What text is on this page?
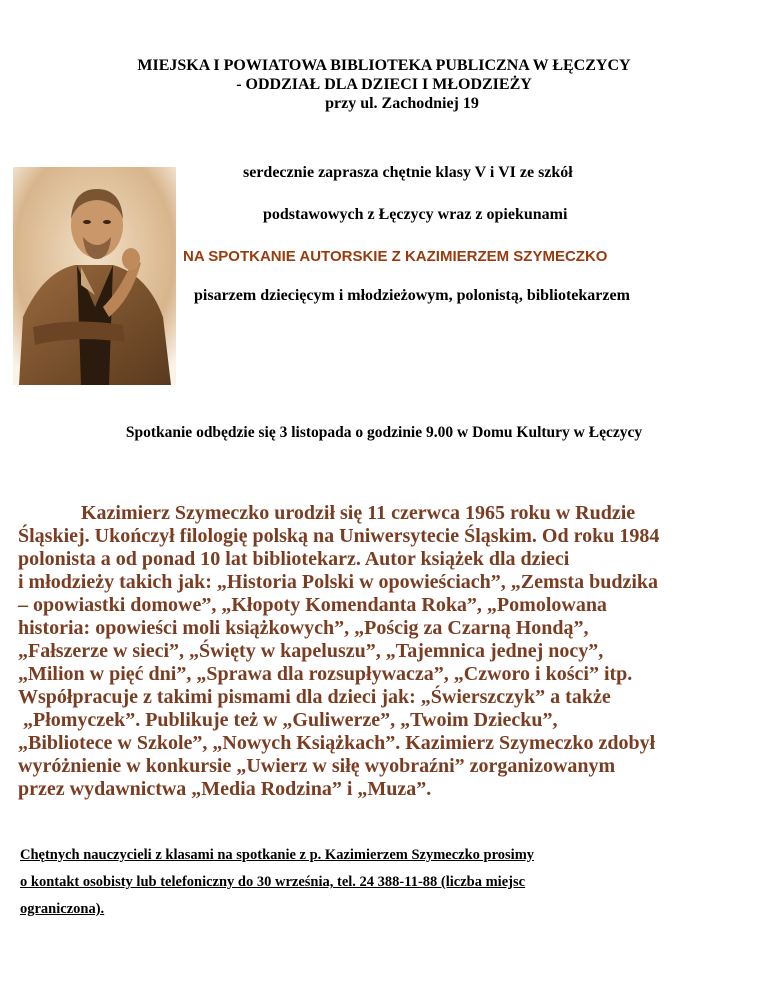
MIEJSKA I POWIATOWA BIBLIOTEKA PUBLICZNA W ŁĘCZYCY
- ODDZIAŁ DLA DZIECI I MŁODZIEŻY
przy ul. Zachodniej 19
serdecznie zaprasza chętnie klasy V i VI ze szkół
podstawowych z Łęczycy wraz z opiekunami
NA SPOTKANIE AUTORSKIE Z KAZIMIERZEM SZYMECZKO
pisarzem dziecięcym i młodzieżowym, polonistą, bibliotekarzem
Spotkanie odbędzie się 3 listopada o godzinie 9.00 w Domu Kultury w Łęczycy

Kazimierz Szymeczko urodził się 11 czerwca 1965 roku w Rudzie

Śląskiej. Ukończył filologię polską na Uniwersytecie Śląskim. Od roku 1984

polonista a od ponad 10 lat bibliotekarz. Autor książek dla dzieci

i młodzieży takich jak: „Historia Polski w opowieściach”, „Zemsta budzika

– opowiastki domowe”, „Kłopoty Komendanta Roka”, „Pomolowana

historia: opowieści moli książkowych”, „Pościg za Czarną Hondą”,

„Fałszerze w sieci”, „Święty w kapeluszu”, „Tajemnica jednej nocy”,

„Milion w pięć dni”, „Sprawa dla rozsupływacza”, „Czworo i kości” itp.

Współpracuje z takimi pismami dla dzieci jak: „Świerszczyk” a także

„Płomyczek”. Publikuje też w „Guliwerze”, „Twoim Dziecku”,

„Bibliotece w Szkole”, „Nowych Książkach”. Kazimierz Szymeczko zdobył

wyróżnienie w konkursie „Uwierz w siłę wyobraźni” zorganizowanym

przez wydawnictwa „Media Rodzina” i „Muza”.

Chętnych nauczycieli z klasami na spotkanie z p. Kazimierzem Szymeczko prosimy

o kontakt osobisty lub telefoniczny do 30 września, tel. 24 388-11-88 (liczba miejsc

ograniczona).
